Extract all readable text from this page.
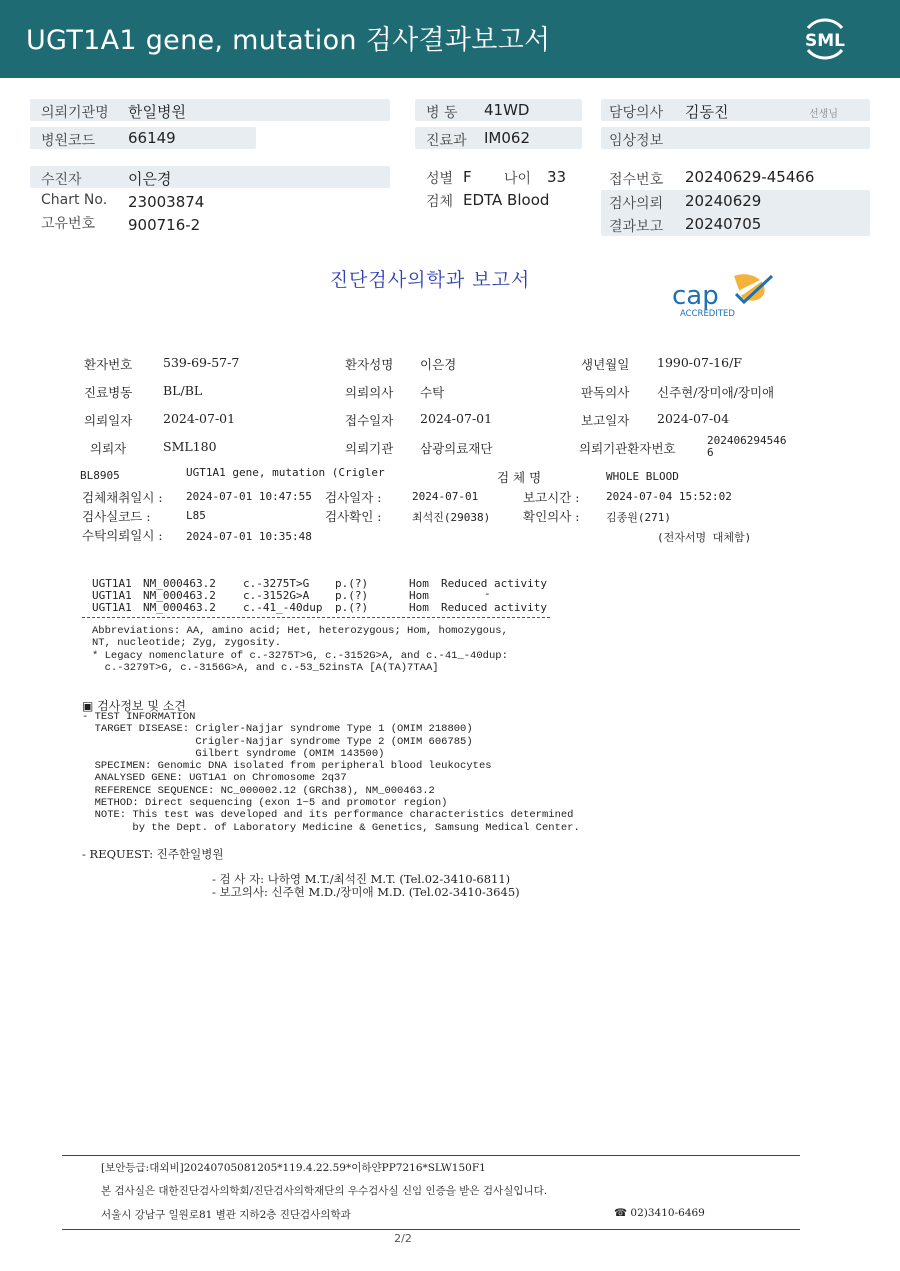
UGT1A1 gene, mutation 검사결과보고서	SML
의뢰기관명 한일병원
병원코드 66149
병 동 41WD
진료과 IM062
담당의사 김동진	선생님
임상정보
수진자	이은경
Chart No. 23003874
고유번호 900716-2
성별 F 나이 33
검체 EDTA Blood
접수번호 20240629-45466
검사의뢰 20240629
결과보고 20240705
진단검사의학과 보고서
cap
ACCREDITED
환자번호 539-69-57-7	환자성명 이은경	생년월일 1990-07-16/F
진료병동 BL/BL	의뢰의사 수탁	판독의사 신주현/장미애/장미애
의뢰일자 2024-07-01	접수일자 2024-07-01	보고일자 2024-07-04
의뢰자	SML180	의뢰기관 삼광의료재단	의뢰기관환자번호
202406294546
6
BL8905	UGT1A1 gene, mutation (Crigler	검 체 명	WHOLE BLOOD
검체채취일시 : 2024-07-01 10:47:55 검사일자 :	2024-07-01	보고시간 : 2024-07-04 15:52:02
검사실코드 :	L85	검사확인 :	최석진(29038)	확인의사 : 김종원(271)
수탁의뢰일시 : 2024-07-01 10:35:48	(전자서명 대체함)
UGT1A1 NM_000463.2 c.-3275T>G p.(?)	Hom Reduced activity
UGT1A1 NM_000463.2 c.-3152G>A p.(?)	Hom	-
UGT1A1 NM_000463.2 c.-41_-40dup p.(?)	Hom Reduced activity
Abbreviations: AA, amino acid; Het, heterozygous; Hom, homozygous,
NT, nucleotide; Zyg, zygosity.
* Legacy nomenclature of c.-3275T>G, c.-3152G>A, and c.-41_-40dup:
c.-3279T>G, c.-3156G>A, and c.-53_52insTA [A(TA)7TAA]
▣ 검사정보 및 소견
- TEST INFORMATION
TARGET DISEASE: Crigler-Najjar syndrome Type 1 (OMIM 218800)
Crigler-Najjar syndrome Type 2 (OMIM 606785)
Gilbert syndrome (OMIM 143500)
SPECIMEN: Genomic DNA isolated from peripheral blood leukocytes
ANALYSED GENE: UGT1A1 on Chromosome 2q37
REFERENCE SEQUENCE: NC_000002.12 (GRCh38), NM_000463.2
METHOD: Direct sequencing (exon 1~5 and promotor region)
NOTE: This test was developed and its performance characteristics determined
by the Dept. of Laboratory Medicine & Genetics, Samsung Medical Center.
- REQUEST: 진주한일병원
- 검 사 자: 나하영 M.T./최석진 M.T. (Tel.02-3410-6811)
- 보고의사: 신주현 M.D./장미애 M.D. (Tel.02-3410-3645)
[보안등급:대외비]20240705081205*119.4.22.59*이하얀PP7216*SLW150F1
본 검사실은 대한진단검사의학회/진단검사의학재단의 우수검사실 신임 인증을 받은 검사실입니다.
서울시 강남구 일원로81 별관 지하2층 진단검사의학과	☎ 02)3410-6469
2/2
